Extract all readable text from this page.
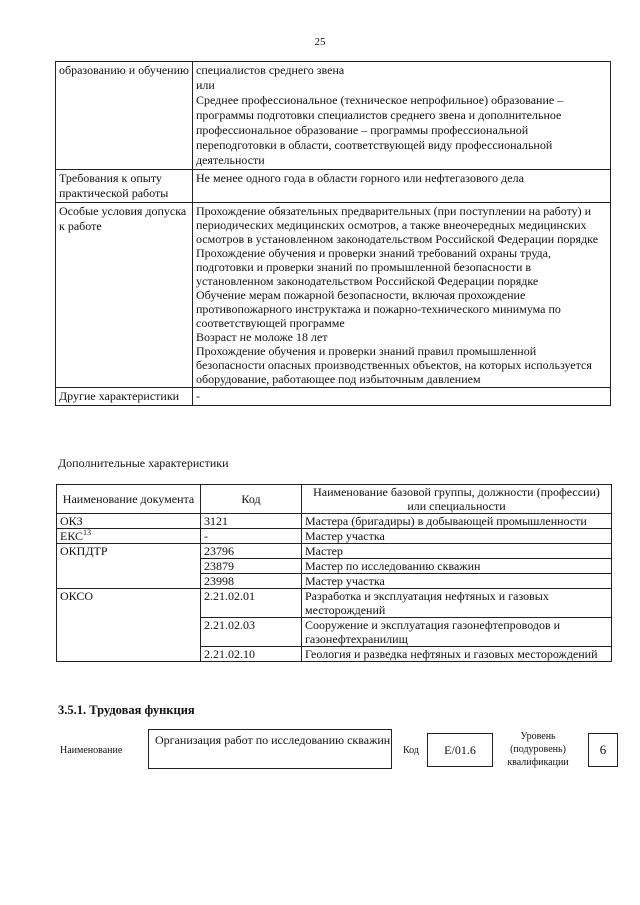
25
образованию и обучению	специалистов среднего звена
или
Среднее профессиональное (техническое непрофильное) образование – программы подготовки специалистов среднего звена и дополнительное профессиональное образование – программы профессиональной переподготовки в области, соответствующей виду профессиональной деятельности

Требования к опыту практической работы	Не менее одного года в области горного или нефтегазового дела

Особые условия допуска к работе	Прохождение обязательных предварительных (при поступлении на работу) и периодических медицинских осмотров, а также внеочередных медицинских осмотров в установленном законодательством Российской Федерации порядке
Прохождение обучения и проверки знаний требований охраны труда, подготовки и проверки знаний по промышленной безопасности в установленном законодательством Российской Федерации порядке
Обучение мерам пожарной безопасности, включая прохождение противопожарного инструктажа и пожарно-технического минимума по соответствующей программе
Возраст не моложе 18 лет
Прохождение обучения и проверки знаний правил промышленной безопасности опасных производственных объектов, на которых используется оборудование, работающее под избыточным давлением

Другие характеристики	-
Дополнительные характеристики
Наименование документа	Код	Наименование базовой группы, должности (профессии) или специальности
ОКЗ	3121	Мастера (бригадиры) в добывающей промышленности
ЕКС$^{13}$	-	Мастер участка
ОКПДТР	23796	Мастер
	23879	Мастер по исследованию скважин
	23998	Мастер участка
ОКСО	2.21.02.01	Разработка и эксплуатация нефтяных и газовых месторождений
	2.21.02.03	Сооружение и эксплуатация газонефтепроводов и газонефтехранилищ
	2.21.02.10	Геология и разведка нефтяных и газовых месторождений
3.5.1. Трудовая функция
Наименование
Организация работ по исследованию скважин
Код	Е/01.6
Уровень (подуровень) квалификации
6
